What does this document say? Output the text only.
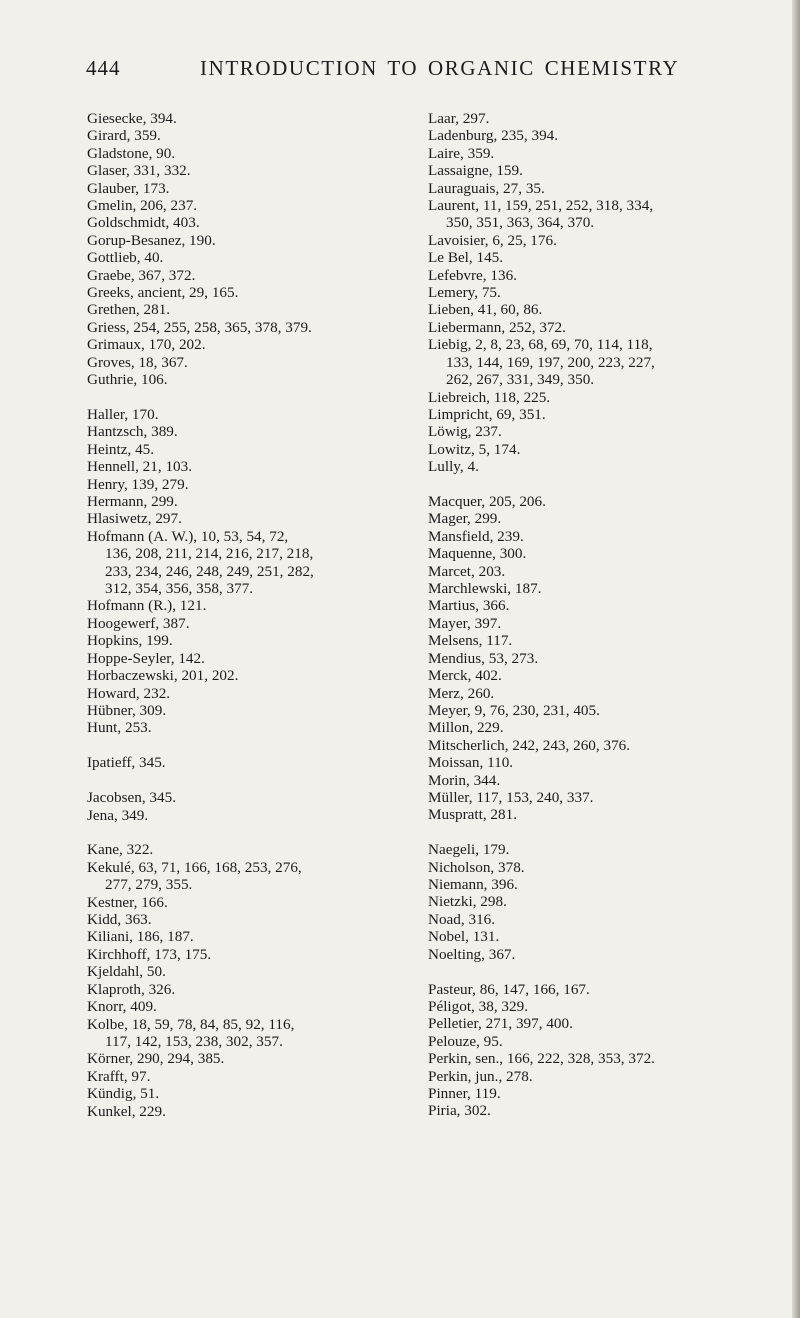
444	INTRODUCTION TO ORGANIC CHEMISTRY
Giesecke, 394.
Girard, 359.
Gladstone, 90.
Glaser, 331, 332.
Glauber, 173.
Gmelin, 206, 237.
Goldschmidt, 403.
Gorup-Besanez, 190.
Gottlieb, 40.
Graebe, 367, 372.
Greeks, ancient, 29, 165.
Grethen, 281.
Griess, 254, 255, 258, 365, 378, 379.
Grimaux, 170, 202.
Groves, 18, 367.
Guthrie, 106.
Haller, 170.
Hantzsch, 389.
Heintz, 45.
Hennell, 21, 103.
Henry, 139, 279.
Hermann, 299.
Hlasiwetz, 297.
Hofmann (A. W.), 10, 53, 54, 72,
136, 208, 211, 214, 216, 217, 218,
233, 234, 246, 248, 249, 251, 282,
312, 354, 356, 358, 377.
Hofmann (R.), 121.
Hoogewerf, 387.
Hopkins, 199.
Hoppe-Seyler, 142.
Horbaczewski, 201, 202.
Howard, 232.
Hübner, 309.
Hunt, 253.
Ipatieff, 345.
Jacobsen, 345.
Jena, 349.
Kane, 322.
Kekulé, 63, 71, 166, 168, 253, 276,
277, 279, 355.
Kestner, 166.
Kidd, 363.
Kiliani, 186, 187.
Kirchhoff, 173, 175.
Kjeldahl, 50.
Klaproth, 326.
Knorr, 409.
Kolbe, 18, 59, 78, 84, 85, 92, 116,
117, 142, 153, 238, 302, 357.
Körner, 290, 294, 385.
Krafft, 97.
Kündig, 51.
Kunkel, 229.
Laar, 297.
Ladenburg, 235, 394.
Laire, 359.
Lassaigne, 159.
Lauraguais, 27, 35.
Laurent, 11, 159, 251, 252, 318, 334,
350, 351, 363, 364, 370.
Lavoisier, 6, 25, 176.
Le Bel, 145.
Lefebvre, 136.
Lemery, 75.
Lieben, 41, 60, 86.
Liebermann, 252, 372.
Liebig, 2, 8, 23, 68, 69, 70, 114, 118,
133, 144, 169, 197, 200, 223, 227,
262, 267, 331, 349, 350.
Liebreich, 118, 225.
Limpricht, 69, 351.
Löwig, 237.
Lowitz, 5, 174.
Lully, 4.
Macquer, 205, 206.
Mager, 299.
Mansfield, 239.
Maquenne, 300.
Marcet, 203.
Marchlewski, 187.
Martius, 366.
Mayer, 397.
Melsens, 117.
Mendius, 53, 273.
Merck, 402.
Merz, 260.
Meyer, 9, 76, 230, 231, 405.
Millon, 229.
Mitscherlich, 242, 243, 260, 376.
Moissan, 110.
Morin, 344.
Müller, 117, 153, 240, 337.
Muspratt, 281.
Naegeli, 179.
Nicholson, 378.
Niemann, 396.
Nietzki, 298.
Noad, 316.
Nobel, 131.
Noelting, 367.
Pasteur, 86, 147, 166, 167.
Péligot, 38, 329.
Pelletier, 271, 397, 400.
Pelouze, 95.
Perkin, sen., 166, 222, 328, 353, 372.
Perkin, jun., 278.
Pinner, 119.
Piria, 302.
